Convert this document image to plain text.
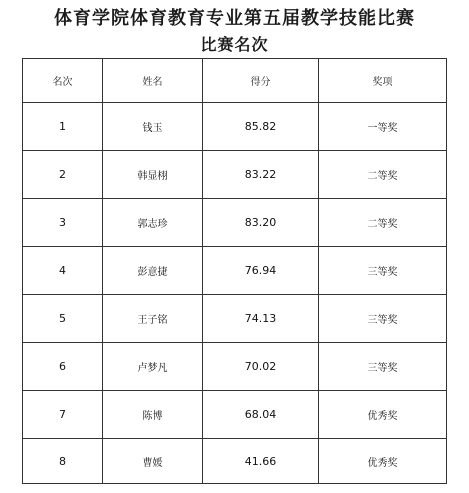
体育学院体育教育专业第五届教学技能比赛
比赛名次
名次	姓名	得分	奖项
1	钱玉	85.82	一等奖
2	韩显栩	83.22	二等奖
3	郭志珍	83.20	二等奖
4	彭意捷	76.94	三等奖
5	王子铭	74.13	三等奖
6	卢梦凡	70.02	三等奖
7	陈博	68.04	优秀奖
8	曹媛	41.66	优秀奖
